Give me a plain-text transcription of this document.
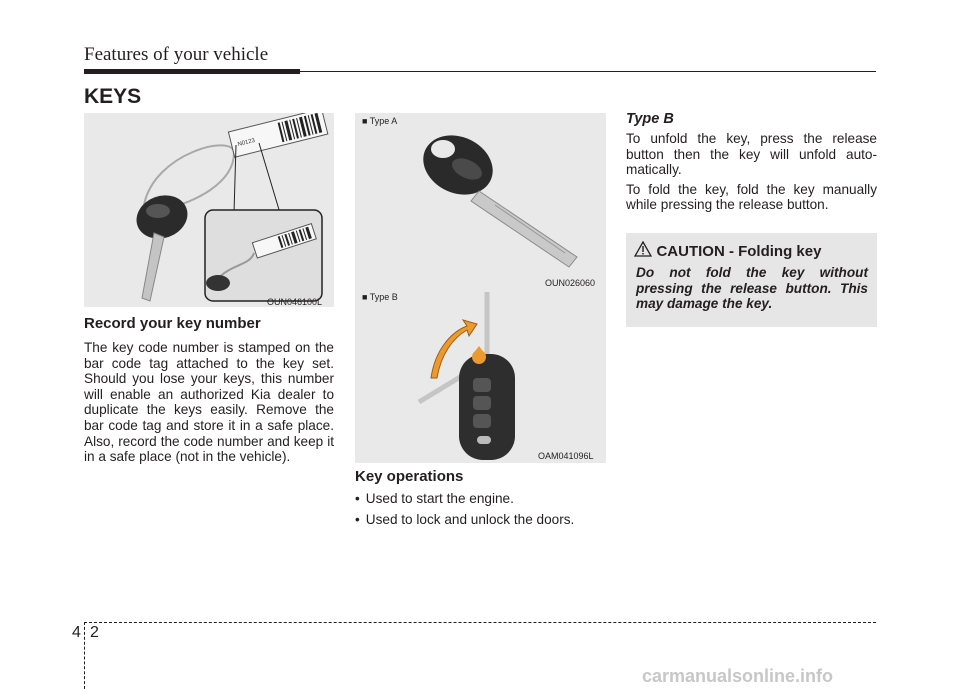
Features of your vehicle
KEYS
N0123
OUN046100L
■ Type A
OUN026060
■ Type B
OAM041096L
Record your key number

The key code number is stamped on the bar code tag attached to the key set. Should you lose your keys, this number will enable an authorized Kia dealer to duplicate the keys easily. Remove the bar code tag and store it in a safe place. Also, record the code number and keep it in a safe place (not in the vehicle).

Key operations
• Used to start the engine.
• Used to lock and unlock the doors.
Type B

To unfold the key, press the release button then the key will unfold auto-matically.

To fold the key, fold the key manually while pressing the release button.

CAUTION - Folding key
Do not fold the key without pressing the release button. This may damage the key.
4 2
carmanualsonline.info
